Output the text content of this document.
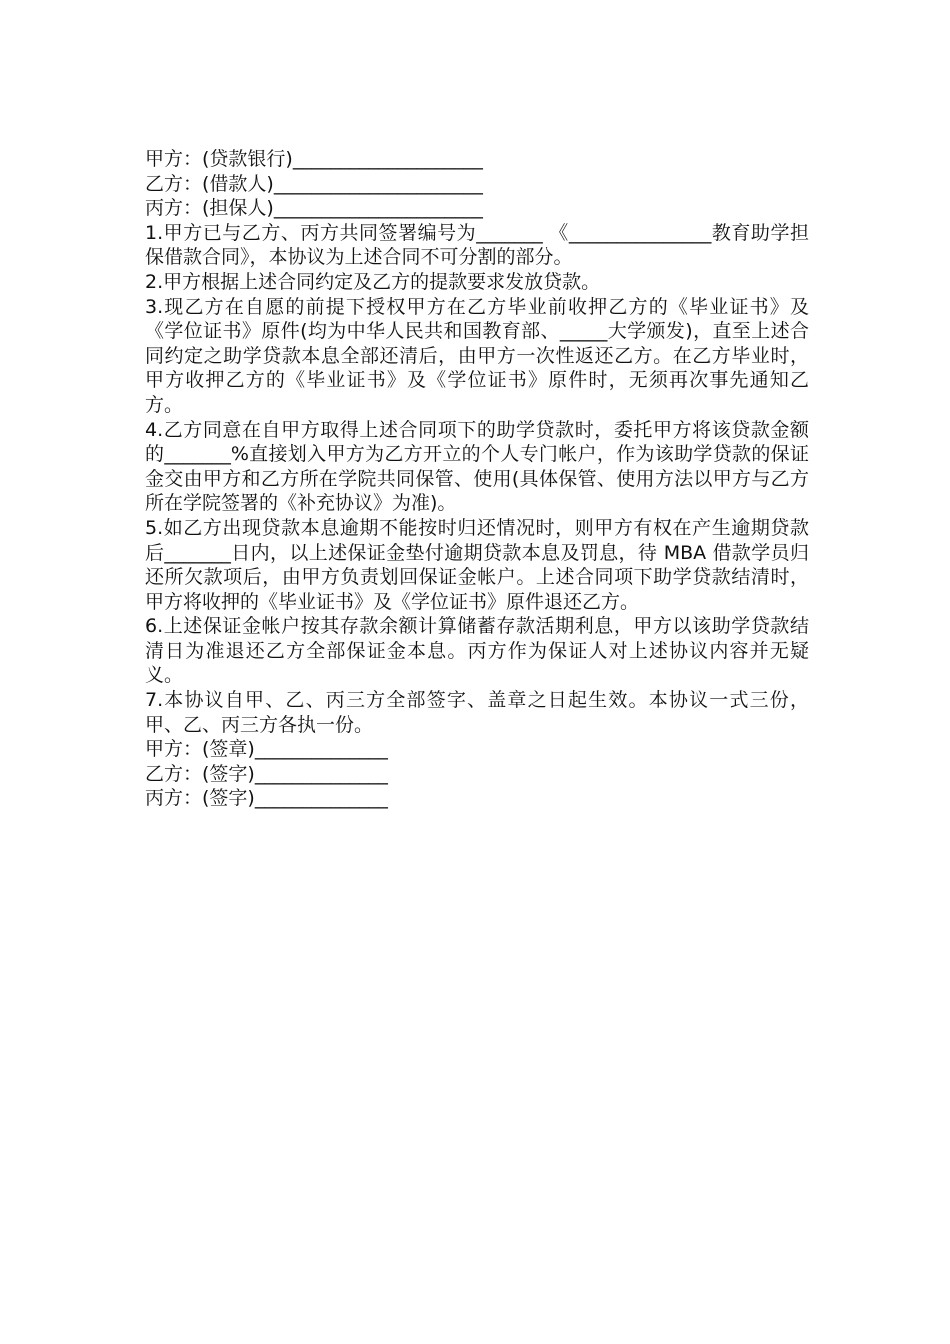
甲方：(贷款银行)____________________
乙方：(借款人)______________________
丙方：(担保人)______________________

1.甲方已与乙方、丙方共同签署编号为_______ 《_______________教育助学担保借款合同》，本协议为上述合同不可分割的部分。

2.甲方根据上述合同约定及乙方的提款要求发放贷款。

3.现乙方在自愿的前提下授权甲方在乙方毕业前收押乙方的《毕业证书》及《学位证书》原件(均为中华人民共和国教育部、_____大学颁发)，直至上述合同约定之助学贷款本息全部还清后，由甲方一次性返还乙方。在乙方毕业时，甲方收押乙方的《毕业证书》及《学位证书》原件时，无须再次事先通知乙方。

4.乙方同意在自甲方取得上述合同项下的助学贷款时，委托甲方将该贷款金额的_______%直接划入甲方为乙方开立的个人专门帐户，作为该助学贷款的保证金交由甲方和乙方所在学院共同保管、使用(具体保管、使用方法以甲方与乙方所在学院签署的《补充协议》为准)。

5.如乙方出现贷款本息逾期不能按时归还情况时，则甲方有权在产生逾期贷款后_______日内，以上述保证金垫付逾期贷款本息及罚息，待 MBA 借款学员归还所欠款项后，由甲方负责划回保证金帐户。上述合同项下助学贷款结清时，甲方将收押的《毕业证书》及《学位证书》原件退还乙方。

6.上述保证金帐户按其存款余额计算储蓄存款活期利息，甲方以该助学贷款结清日为准退还乙方全部保证金本息。丙方作为保证人对上述协议内容并无疑义。

7.本协议自甲、乙、丙三方全部签字、盖章之日起生效。本协议一式三份，甲、乙、丙三方各执一份。

甲方：(签章)______________
乙方：(签字)______________
丙方：(签字)______________
